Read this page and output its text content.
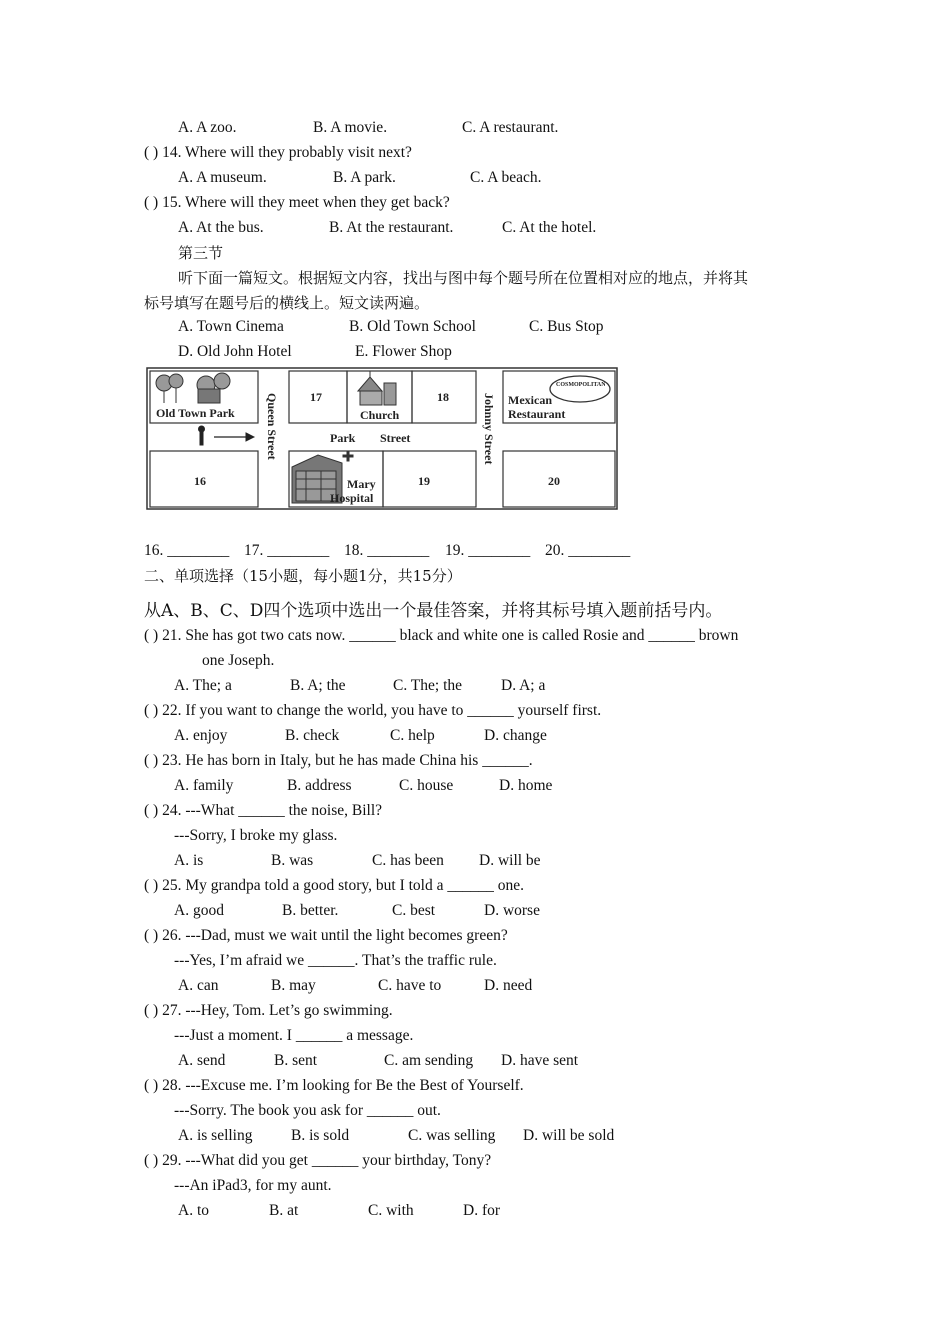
A. A zoo.	B. A movie.	C. A restaurant.
( ) 14. Where will they probably visit next?
A. A museum.	B. A park.	C. A beach.
( ) 15. Where will they meet when they get back?
A. At the bus.	B. At the restaurant.	C. At the hotel.
第三节
听下面一篇短文。根据短文内容，找出与图中每个题号所在位置相对应的地点，并将其
标号填写在题号后的横线上。短文读两遍。
A. Town Cinema	B. Old Town School	C. Bus Stop
D. Old John Hotel	E. Flower Shop
Old Town Park	Queen Street	17
Church
18	Johnny Street
COSMOPOLITAN
Mexican
Restaurant
Park Street
16	Mary
Hospital
19	20
16. ________ 17. ________ 18. ________ 19. ________ 20. ________
二、单项选择（15小题，每小题1分，共15分）
从A、B、C、D四个选项中选出一个最佳答案，并将其标号填入题前括号内。
( ) 21. She has got two cats now. ______ black and white one is called Rosie and ______ brown
one Joseph.
A. The; a	B. A; the	C. The; the	D. A; a
( ) 22. If you want to change the world, you have to ______ yourself first.
A. enjoy	B. check	C. help	D. change
( ) 23. He has born in Italy, but he has made China his ______.
A. family	B. address	C. house	D. home
( ) 24. ---What ______ the noise, Bill?
---Sorry, I broke my glass.
A. is	B. was	C. has been D. will be
( ) 25. My grandpa told a good story, but I told a ______ one.
A. good	B. better.	C. best	D. worse
( ) 26. ---Dad, must we wait until the light becomes green?
---Yes, I’m afraid we ______. That’s the traffic rule.
A. can	B. may	C. have to	D. need
( ) 27. ---Hey, Tom. Let’s go swimming.
---Just a moment. I ______ a message.
A. send	B. sent	C. am sending D. have sent
( ) 28. ---Excuse me. I’m looking for Be the Best of Yourself.
---Sorry. The book you ask for ______ out.
A. is selling B. is sold	C. was selling D. will be sold
( ) 29. ---What did you get ______ your birthday, Tony?
---An iPad3, for my aunt.
A. to	B. at	C. with	D. for
